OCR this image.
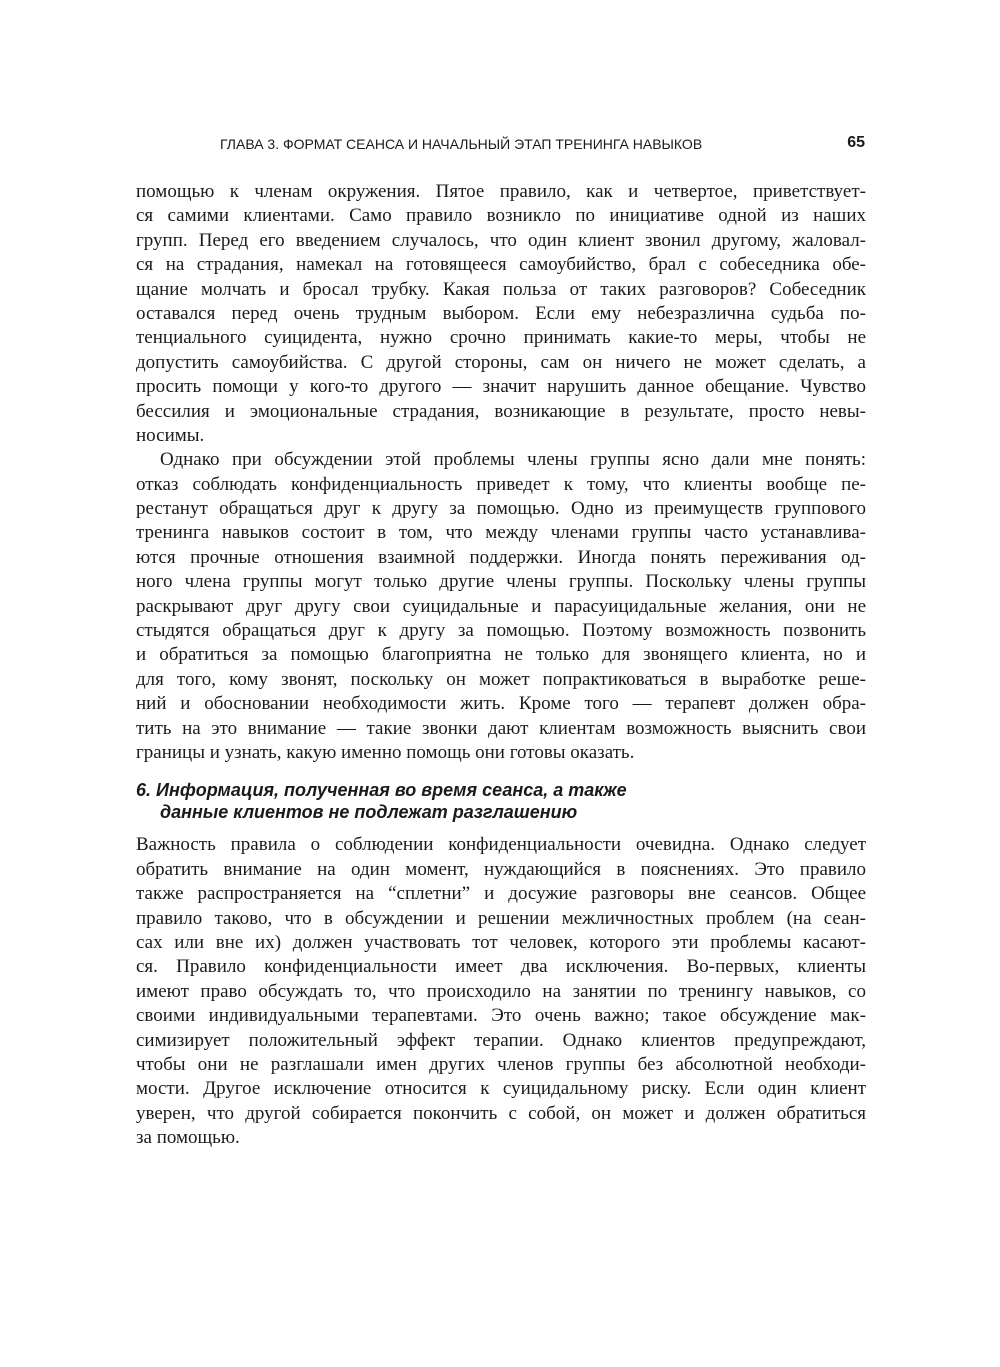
ГЛАВА 3. ФОРМАТ СЕАНСА И НАЧАЛЬНЫЙ ЭТАП ТРЕНИНГА НАВЫКОВ	65
помощью к членам окружения. Пятое правило, как и четвертое, приветствует-
ся самими клиентами. Само правило возникло по инициативе одной из наших
групп. Перед его введением случалось, что один клиент звонил другому, жаловал-
ся на страдания, намекал на готовящееся самоубийство, брал с собеседника обе-
щание молчать и бросал трубку. Какая польза от таких разговоров? Собеседник
оставался перед очень трудным выбором. Если ему небезразлична судьба по-
тенциального суицидента, нужно срочно принимать какие-то меры, чтобы не
допустить самоубийства. С другой стороны, сам он ничего не может сделать, а
просить помощи у кого-то другого — значит нарушить данное обещание. Чувство
бессилия и эмоциональные страдания, возникающие в результате, просто невы-
носимы.
Однако при обсуждении этой проблемы члены группы ясно дали мне понять:
отказ соблюдать конфиденциальность приведет к тому, что клиенты вообще пе-
рестанут обращаться друг к другу за помощью. Одно из преимуществ группового
тренинга навыков состоит в том, что между членами группы часто устанавлива-
ются прочные отношения взаимной поддержки. Иногда понять переживания од-
ного члена группы могут только другие члены группы. Поскольку члены группы
раскрывают друг другу свои суицидальные и парасуицидальные желания, они не
стыдятся обращаться друг к другу за помощью. Поэтому возможность позвонить
и обратиться за помощью благоприятна не только для звонящего клиента, но и
для того, кому звонят, поскольку он может попрактиковаться в выработке реше-
ний и обосновании необходимости жить. Кроме того — терапевт должен обра-
тить на это внимание — такие звонки дают клиентам возможность выяснить свои
границы и узнать, какую именно помощь они готовы оказать.
6. Информация, полученная во время сеанса, а также
данные клиентов не подлежат разглашению
Важность правила о соблюдении конфиденциальности очевидна. Однако следует
обратить внимание на один момент, нуждающийся в пояснениях. Это правило
также распространяется на “сплетни” и досужие разговоры вне сеансов. Общее
правило таково, что в обсуждении и решении межличностных проблем (на сеан-
сах или вне их) должен участвовать тот человек, которого эти проблемы касают-
ся. Правило конфиденциальности имеет два исключения. Во-первых, клиенты
имеют право обсуждать то, что происходило на занятии по тренингу навыков, со
своими индивидуальными терапевтами. Это очень важно; такое обсуждение мак-
симизирует положительный эффект терапии. Однако клиентов предупреждают,
чтобы они не разглашали имен других членов группы без абсолютной необходи-
мости. Другое исключение относится к суицидальному риску. Если один клиент
уверен, что другой собирается покончить с собой, он может и должен обратиться
за помощью.
